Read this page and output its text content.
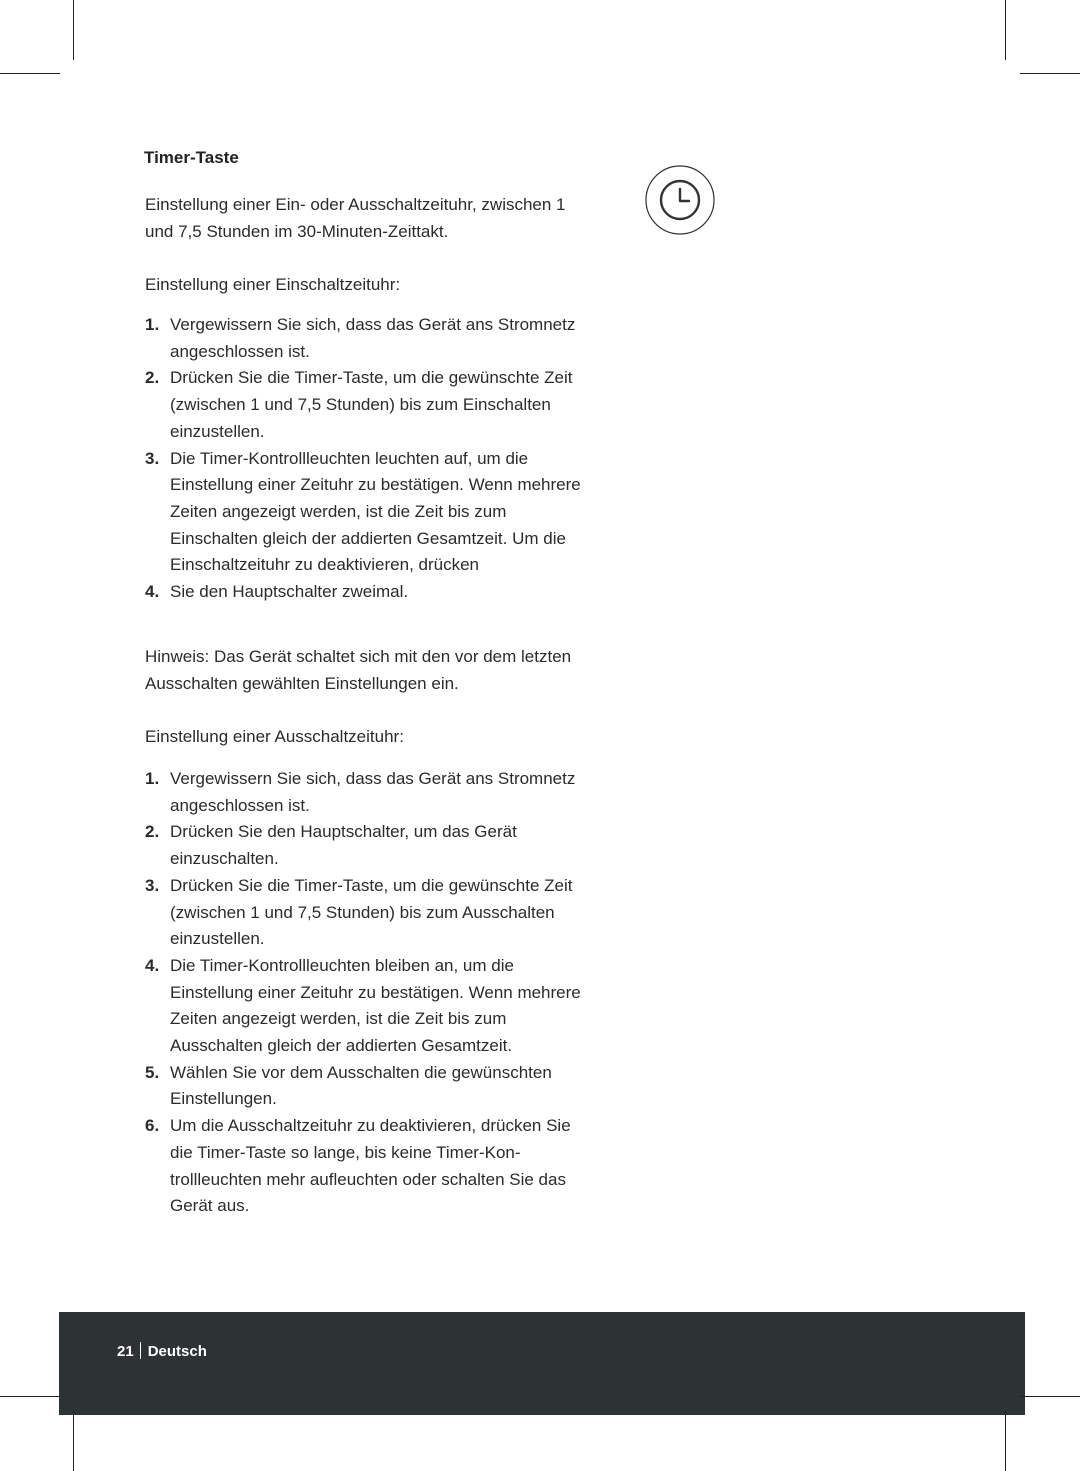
Timer-Taste
Einstellung einer Ein- oder Ausschaltzeituhr, zwischen 1 und 7,5 Stunden im 30-Minuten-Zeittakt.
Einstellung einer Einschaltzeituhr:
1. Vergewissern Sie sich, dass das Gerät ans Stromnetz angeschlossen ist.
2. Drücken Sie die Timer-Taste, um die gewünschte Zeit (zwischen 1 und 7,5 Stunden) bis zum Einschalten einzustellen.
3. Die Timer-Kontrollleuchten leuchten auf, um die Einstellung einer Zeituhr zu bestätigen. Wenn mehrere Zeiten angezeigt werden, ist die Zeit bis zum Einschalten gleich der addierten Gesamtzeit. Um die Einschaltzeituhr zu deaktivieren, drücken
4. Sie den Hauptschalter zweimal.
Hinweis: Das Gerät schaltet sich mit den vor dem letzten Ausschalten gewählten Einstellungen ein.
Einstellung einer Ausschaltzeituhr:
1. Vergewissern Sie sich, dass das Gerät ans Stromnetz angeschlossen ist.
2. Drücken Sie den Hauptschalter, um das Gerät einzuschalten.
3. Drücken Sie die Timer-Taste, um die gewünschte Zeit (zwischen 1 und 7,5 Stunden) bis zum Ausschalten einzustellen.
4. Die Timer-Kontrollleuchten bleiben an, um die Einstellung einer Zeituhr zu bestätigen. Wenn mehrere Zeiten angezeigt werden, ist die Zeit bis zum Ausschalten gleich der addierten Gesamtzeit.
5. Wählen Sie vor dem Ausschalten die gewünschten Einstellungen.
6. Um die Ausschaltzeituhr zu deaktivieren, drücken Sie die Timer-Taste so lange, bis keine Timer-Kon- trollleuchten mehr aufleuchten oder schalten Sie das Gerät aus.
21 Deutsch
